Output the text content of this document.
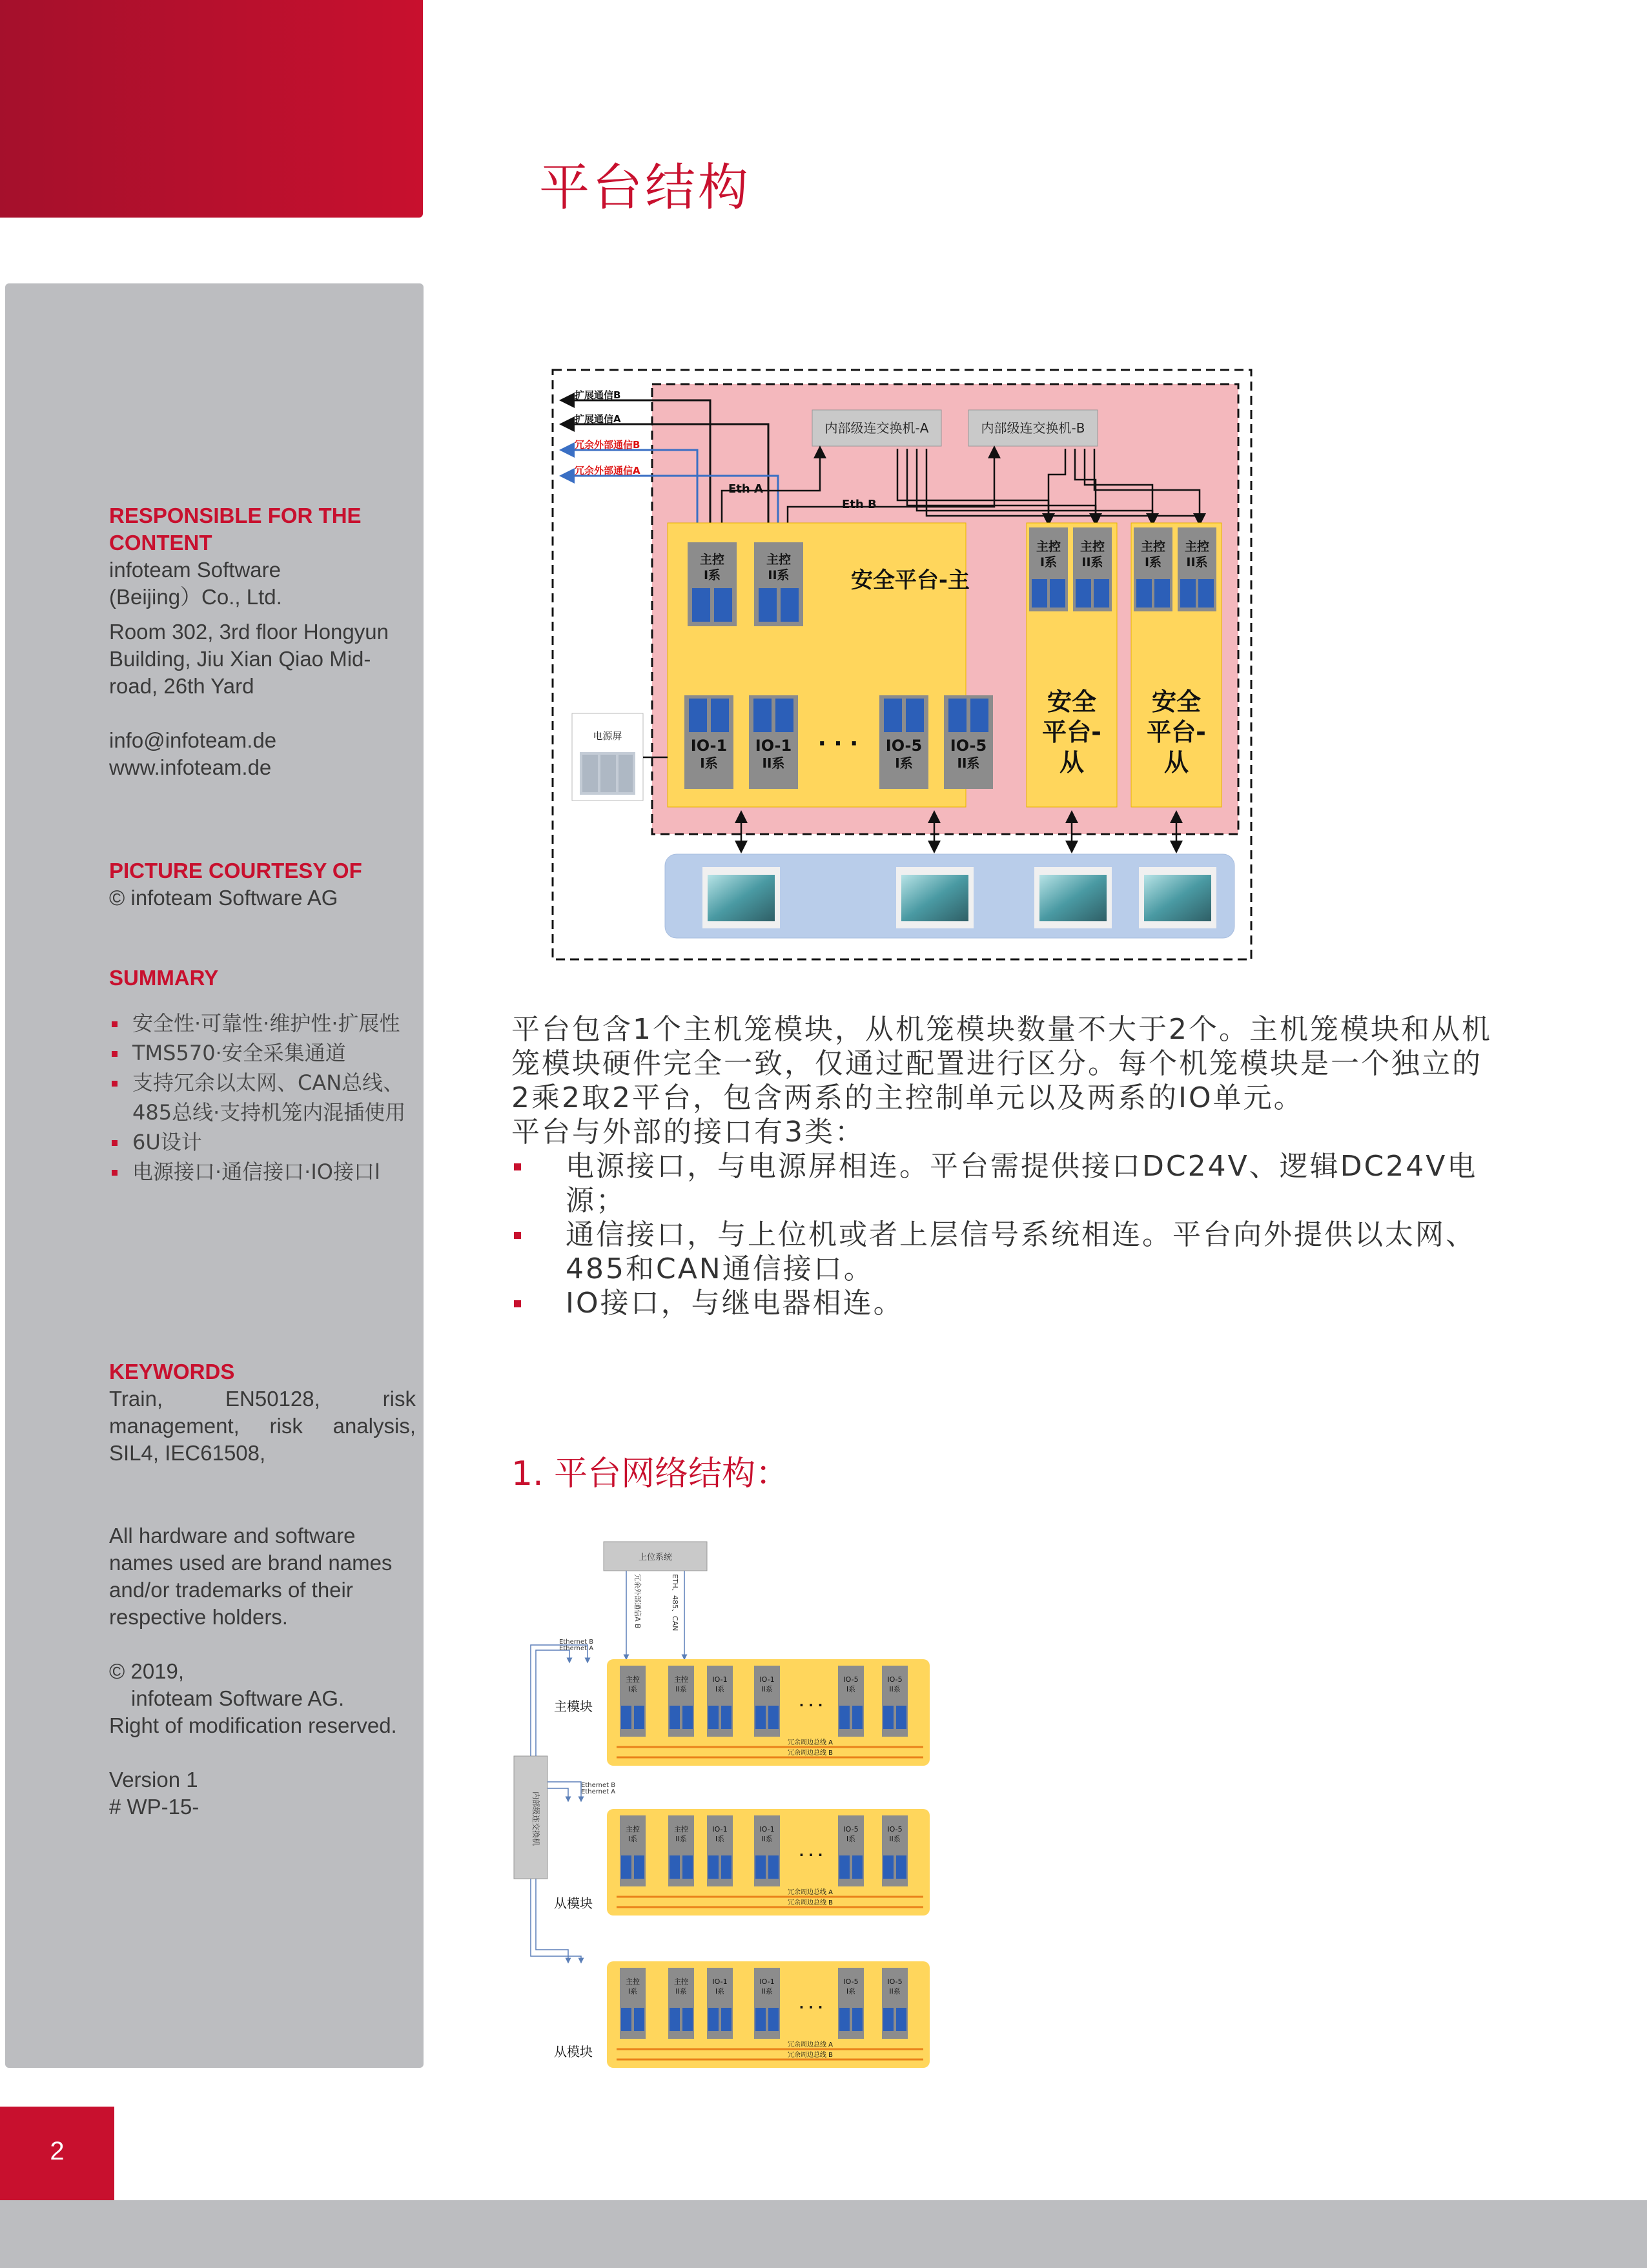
平台结构
RESPONSIBLE FOR THE CONTENT
infoteam Software
(Beijing）Co., Ltd.
Room 302, 3rd floor Hongyun Building, Jiu Xian Qiao Mid-road, 26th Yard
info@infoteam.de
www.infoteam.de
PICTURE COURTESY OF
© infoteam Software AG
SUMMARY
安全性·可靠性·维护性·扩展性
TMS570·安全采集通道
支持冗余以太网、CAN总线、485总线·支持机笼内混插使用
6U设计
电源接口·通信接口·IO接口l
KEYWORDS
Train, EN50128, risk management, risk analysis, SIL4, IEC61508,
All hardware and software names used are brand names and/or trademarks of their respective holders.
© 2019,
infoteam Software AG.
Right of modification reserved.
Version 1
# WP-15-
2
扩展通信B
扩展通信A
冗余外部通信B
冗余外部通信A
内部级连交换机-A	内部级连交换机-B
Eth A
Eth B
安全平台-主
主控
I系
主控
II系
IO-1
I系
IO-1
II系
· · · IO-5
I系
IO-5
II系
主控
I系
主控
II系
安全
平台-
从
主控
I系
主控
II系
安全
平台-
从
电源屏

平台包含1个主机笼模块，从机笼模块数量不大于2个。主机笼模块和从机笼模块硬件完全一致，仅通过配置进行区分。每个机笼模块是一个独立的2乘2取2平台，包含两系的主控制单元以及两系的IO单元。

平台与外部的接口有3类：

电源接口，与电源屏相连。平台需提供接口DC24V、逻辑DC24V电源；
通信接口，与上位机或者上层信号系统相连。平台向外提供以太网、485和CAN通信接口。
IO接口，与继电器相连。
1. 平台网络结构：
上位系统
冗余外部通信A B	ETH、485、CAN
内部级连交换机
Ethernet B
Ethernet A
Ethernet B
Ethernet A
主模块
从模块
从模块
主控
I系
主控
II系
IO-1
I系
IO-1
II系
· · ·
IO-5
I系
IO-5
II系
冗余周边总线 A
冗余周边总线 B
主控
I系
主控
II系
IO-1
I系
IO-1
II系
· · ·
IO-5
I系
IO-5
II系
冗余周边总线 A
冗余周边总线 B
主控
I系
主控
II系
IO-1
I系
IO-1
II系
· · ·
IO-5
I系
IO-5
II系
冗余周边总线 A
冗余周边总线 B
